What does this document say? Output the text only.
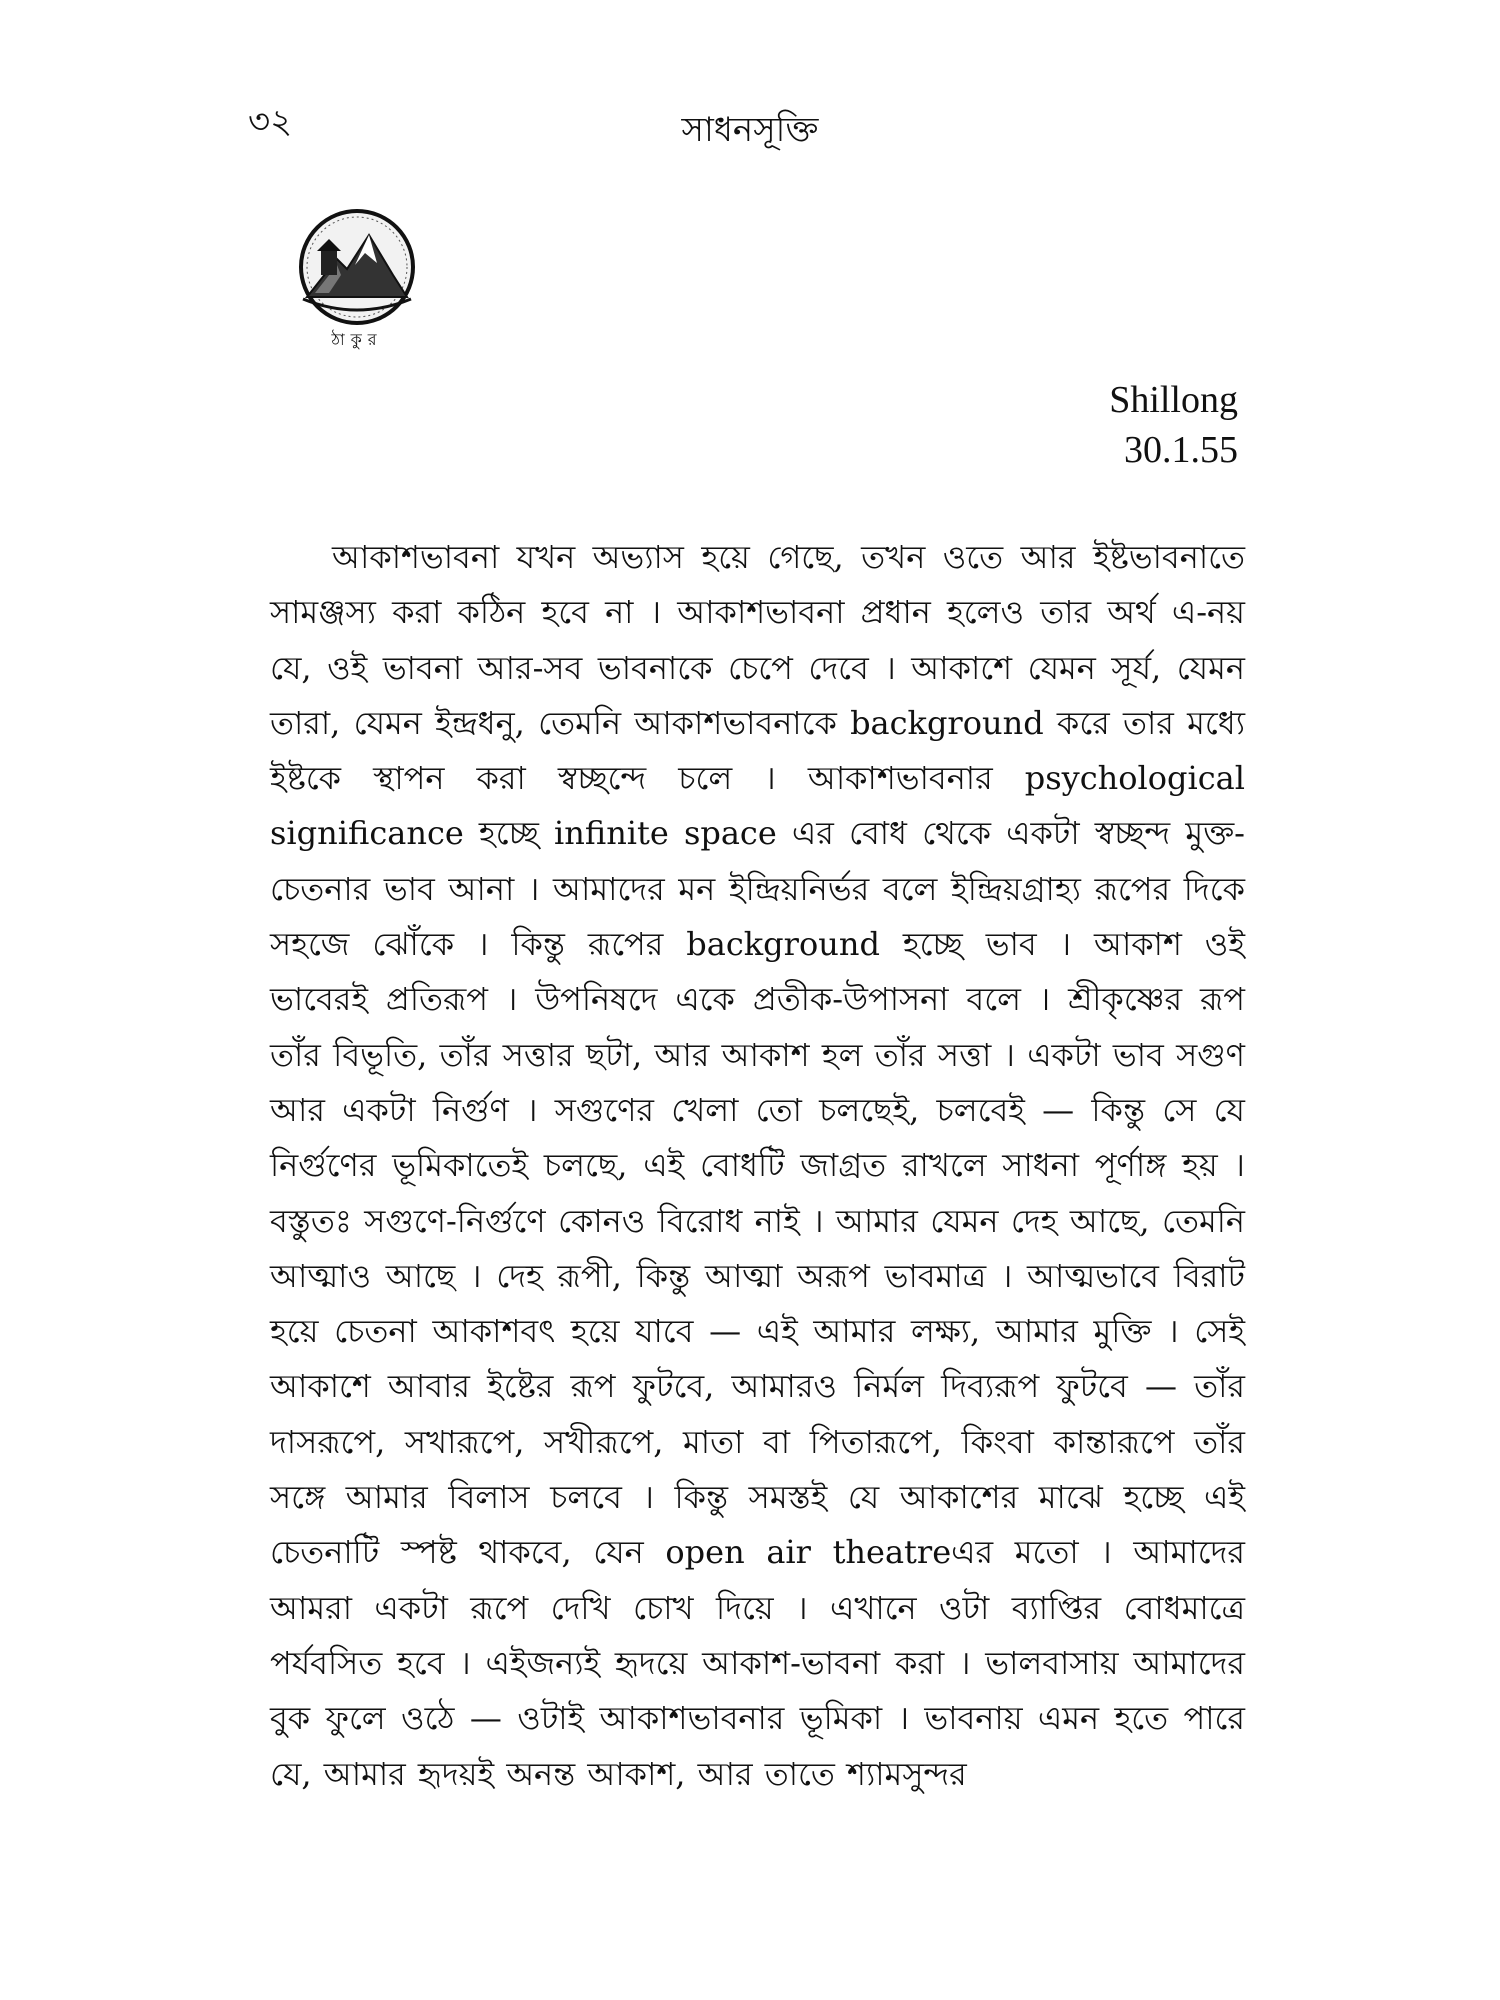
৩২	সাধনসূক্তি
ঠাকুর
Shillong
30.1.55

আকাশভাবনা যখন অভ্যাস হয়ে গেছে, তখন ওতে আর ইষ্টভাবনাতে সামঞ্জস্য করা কঠিন হবে না । আকাশভাবনা প্রধান হলেও তার অর্থ এ-নয় যে, ওই ভাবনা আর-সব ভাবনাকে চেপে দেবে । আকাশে যেমন সূর্য, যেমন তারা, যেমন ইন্দ্রধনু, তেমনি আকাশভাবনাকে background করে তার মধ্যে ইষ্টকে স্থাপন করা স্বচ্ছন্দে চলে । আকাশভাবনার psychological significance হচ্ছে infinite space এর বোধ থেকে একটা স্বচ্ছন্দ মুক্ত-চেতনার ভাব আনা । আমাদের মন ইন্দ্রিয়নির্ভর বলে ইন্দ্রিয়গ্রাহ্য রূপের দিকে সহজে ঝোঁকে । কিন্তু রূপের background হচ্ছে ভাব । আকাশ ওই ভাবেরই প্রতিরূপ । উপনিষদে একে প্রতীক-উপাসনা বলে । শ্রীকৃষ্ণের রূপ তাঁর বিভূতি, তাঁর সত্তার ছটা, আর আকাশ হল তাঁর সত্তা । একটা ভাব সগুণ আর একটা নির্গুণ । সগুণের খেলা তো চলছেই, চলবেই — কিন্তু সে যে নির্গুণের ভূমিকাতেই চলছে, এই বোধটি জাগ্রত রাখলে সাধনা পূর্ণাঙ্গ হয় । বস্তুতঃ সগুণে-নির্গুণে কোনও বিরোধ নাই । আমার যেমন দেহ আছে, তেমনি আত্মাও আছে । দেহ রূপী, কিন্তু আত্মা অরূপ ভাবমাত্র । আত্মভাবে বিরাট হয়ে চেতনা আকাশবৎ হয়ে যাবে — এই আমার লক্ষ্য, আমার মুক্তি । সেই আকাশে আবার ইষ্টের রূপ ফুটবে, আমারও নির্মল দিব্যরূপ ফুটবে — তাঁর দাসরূপে, সখারূপে, সখীরূপে, মাতা বা পিতারূপে, কিংবা কান্তারূপে তাঁর সঙ্গে আমার বিলাস চলবে । কিন্তু সমস্তই যে আকাশের মাঝে হচ্ছে এই চেতনাটি স্পষ্ট থাকবে, যেন open air theatreএর মতো । আমাদের আমরা একটা রূপে দেখি চোখ দিয়ে । এখানে ওটা ব্যাপ্তির বোধমাত্রে পর্যবসিত হবে । এইজন্যই হৃদয়ে আকাশ-ভাবনা করা । ভালবাসায় আমাদের বুক ফুলে ওঠে — ওটাই আকাশভাবনার ভূমিকা । ভাবনায় এমন হতে পারে যে, আমার হৃদয়ই অনন্ত আকাশ, আর তাতে শ্যামসুন্দর
